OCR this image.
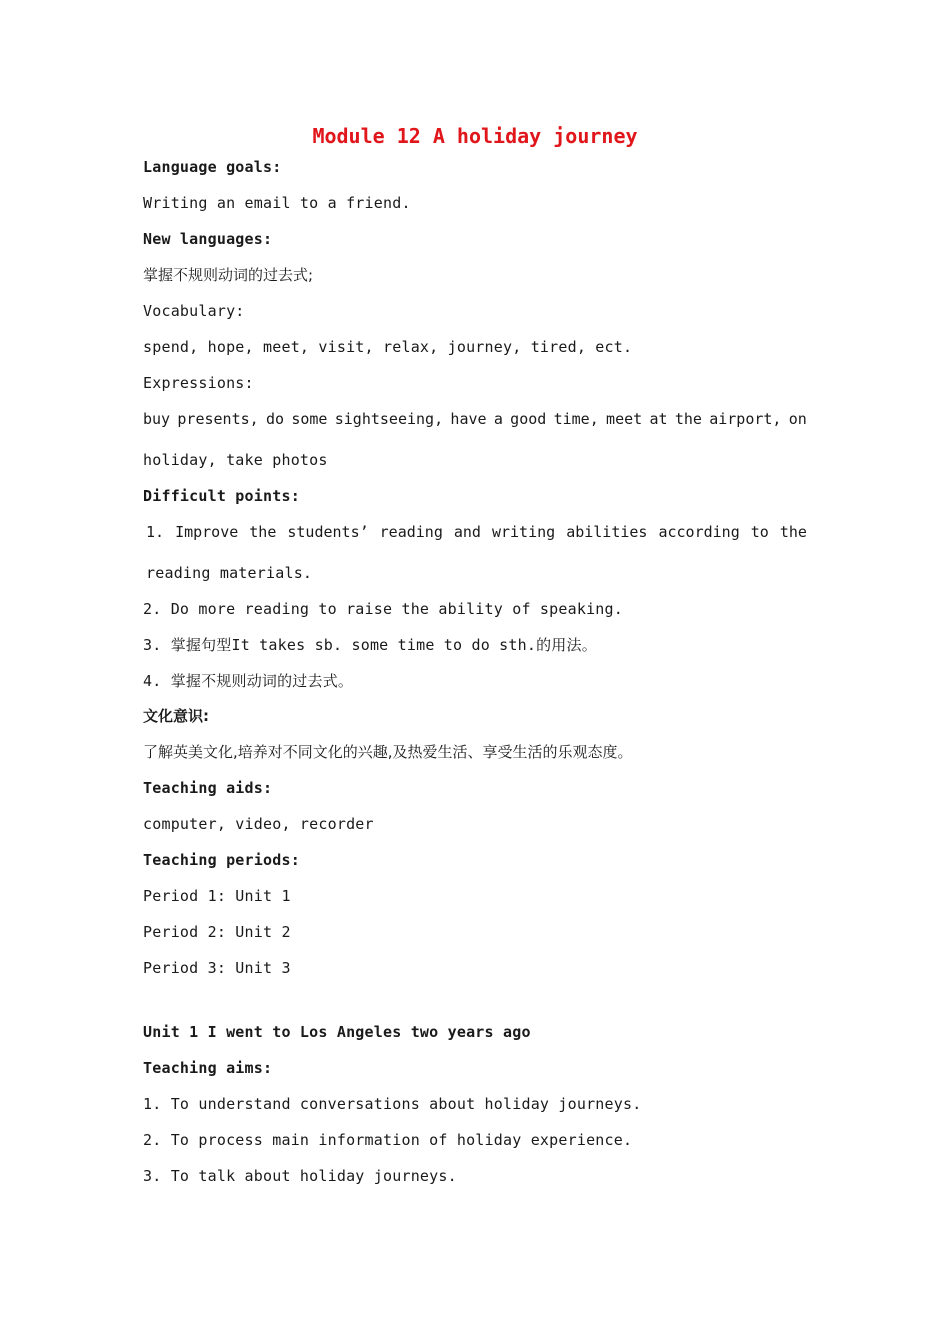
Module 12 A holiday journey
Language goals:
Writing an email to a friend.
New languages:
掌握不规则动词的过去式;
Vocabulary:
spend, hope, meet, visit, relax, journey, tired, ect.
Expressions:
buy presents, do some sightseeing, have a good time, meet at the airport, on
holiday, take photos
Difficult points:
1. Improve the students’ reading and writing abilities according to the
reading materials.
2. Do more reading to raise the ability of speaking.
3. 掌握句型It takes sb. some time to do sth.的用法。
4. 掌握不规则动词的过去式。
文化意识:
了解英美文化,培养对不同文化的兴趣,及热爱生活、享受生活的乐观态度。
Teaching aids:
computer, video, recorder
Teaching periods:
Period 1: Unit 1
Period 2: Unit 2
Period 3: Unit 3
Unit 1 I went to Los Angeles two years ago
Teaching aims:
1. To understand conversations about holiday journeys.
2. To process main information of holiday experience.
3. To talk about holiday journeys.
